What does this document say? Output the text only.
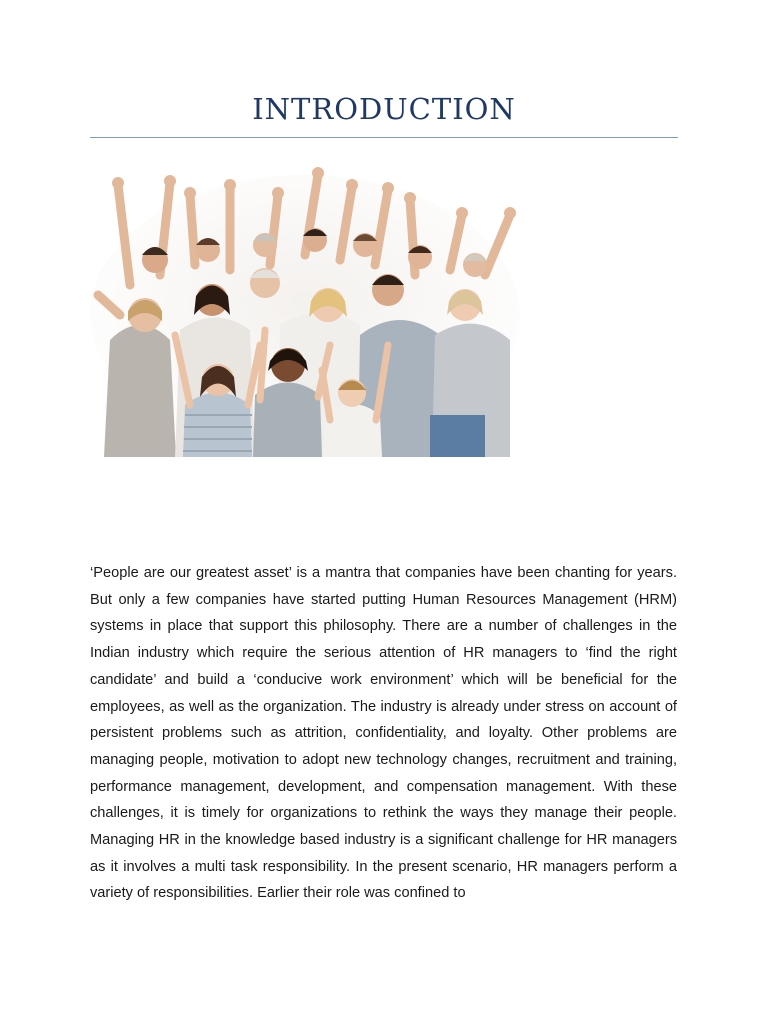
INTRODUCTION

‘People are our greatest asset’ is a mantra that companies have been chanting for years. But only a few companies have started putting Human Resources Management (HRM) systems in place that support this philosophy. There are a number of challenges in the Indian industry which require the serious attention of HR managers to ‘find the right candidate’ and build a ‘conducive work environment’ which will be beneficial for the employees, as well as the organization. The industry is already under stress on account of persistent problems such as attrition, confidentiality, and loyalty. Other problems are managing people, motivation to adopt new technology changes, recruitment and training, performance management, development, and compensation management. With these challenges, it is timely for organizations to rethink the ways they manage their people. Managing HR in the knowledge based industry is a significant challenge for HR managers as it involves a multi task responsibility. In the present scenario, HR managers perform a variety of responsibilities. Earlier their role was confined to
